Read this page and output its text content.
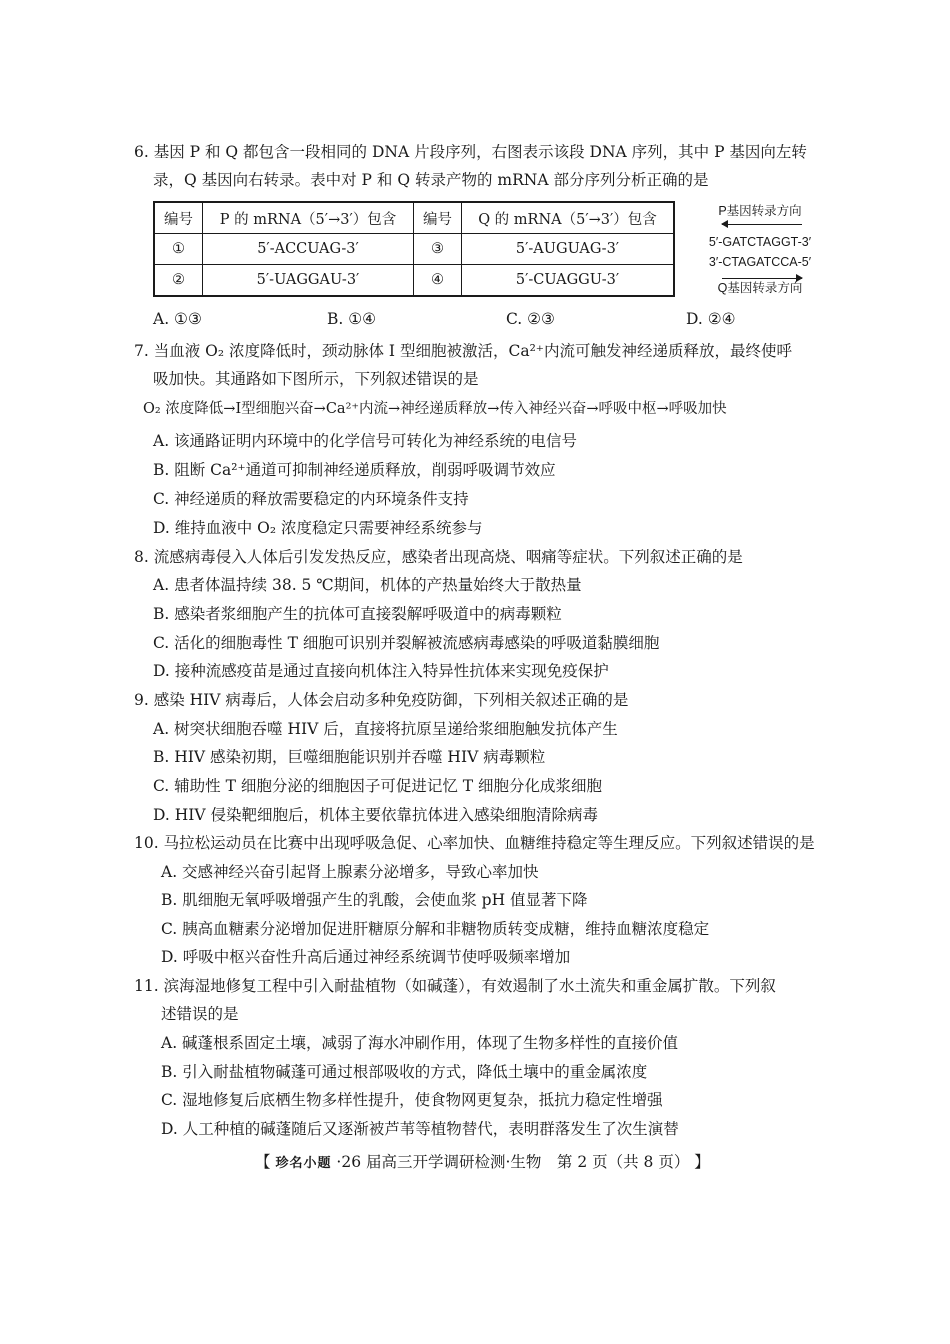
6. 基因 P 和 Q 都包含一段相同的 DNA 片段序列，右图表示该段 DNA 序列，其中 P 基因向左转
录，Q 基因向右转录。表中对 P 和 Q 转录产物的 mRNA 部分序列分析正确的是
编号	P 的 mRNA（5′→3′）包含	编号	Q 的 mRNA（5′→3′）包含
①	5′-ACCUAG-3′	③	5′-AUGUAG-3′
②	5′-UAGGAU-3′	④	5′-CUAGGU-3′
P基因转录方向
5′-GATCTAGGT-3′
3′-CTAGATCCA-5′
Q基因转录方向
A. ①③	B. ①④	C. ②③	D. ②④
7. 当血液 O₂ 浓度降低时，颈动脉体 Ⅰ 型细胞被激活，Ca²⁺内流可触发神经递质释放，最终使呼
吸加快。其通路如下图所示，下列叙述错误的是
O₂ 浓度降低→Ⅰ型细胞兴奋→Ca²⁺内流→神经递质释放→传入神经兴奋→呼吸中枢→呼吸加快
A. 该通路证明内环境中的化学信号可转化为神经系统的电信号
B. 阻断 Ca²⁺通道可抑制神经递质释放，削弱呼吸调节效应
C. 神经递质的释放需要稳定的内环境条件支持
D. 维持血液中 O₂ 浓度稳定只需要神经系统参与
8. 流感病毒侵入人体后引发发热反应，感染者出现高烧、咽痛等症状。下列叙述正确的是
A. 患者体温持续 38. 5 ℃期间，机体的产热量始终大于散热量
B. 感染者浆细胞产生的抗体可直接裂解呼吸道中的病毒颗粒
C. 活化的细胞毒性 T 细胞可识别并裂解被流感病毒感染的呼吸道黏膜细胞
D. 接种流感疫苗是通过直接向机体注入特异性抗体来实现免疫保护
9. 感染 HIV 病毒后，人体会启动多种免疫防御，下列相关叙述正确的是
A. 树突状细胞吞噬 HIV 后，直接将抗原呈递给浆细胞触发抗体产生
B. HIV 感染初期，巨噬细胞能识别并吞噬 HIV 病毒颗粒
C. 辅助性 T 细胞分泌的细胞因子可促进记忆 T 细胞分化成浆细胞
D. HIV 侵染靶细胞后，机体主要依靠抗体进入感染细胞清除病毒
10. 马拉松运动员在比赛中出现呼吸急促、心率加快、血糖维持稳定等生理反应。下列叙述错误的是
A. 交感神经兴奋引起肾上腺素分泌增多，导致心率加快
B. 肌细胞无氧呼吸增强产生的乳酸，会使血浆 pH 值显著下降
C. 胰高血糖素分泌增加促进肝糖原分解和非糖物质转变成糖，维持血糖浓度稳定
D. 呼吸中枢兴奋性升高后通过神经系统调节使呼吸频率增加
11. 滨海湿地修复工程中引入耐盐植物（如碱蓬），有效遏制了水土流失和重金属扩散。下列叙
述错误的是
A. 碱蓬根系固定土壤，减弱了海水冲刷作用，体现了生物多样性的直接价值
B. 引入耐盐植物碱蓬可通过根部吸收的方式，降低土壤中的重金属浓度
C. 湿地修复后底栖生物多样性提升，使食物网更复杂，抵抗力稳定性增强
D. 人工种植的碱蓬随后又逐渐被芦苇等植物替代，表明群落发生了次生演替
【 珍名小题 ·26 届高三开学调研检测·生物　第 2 页（共 8 页） 】
